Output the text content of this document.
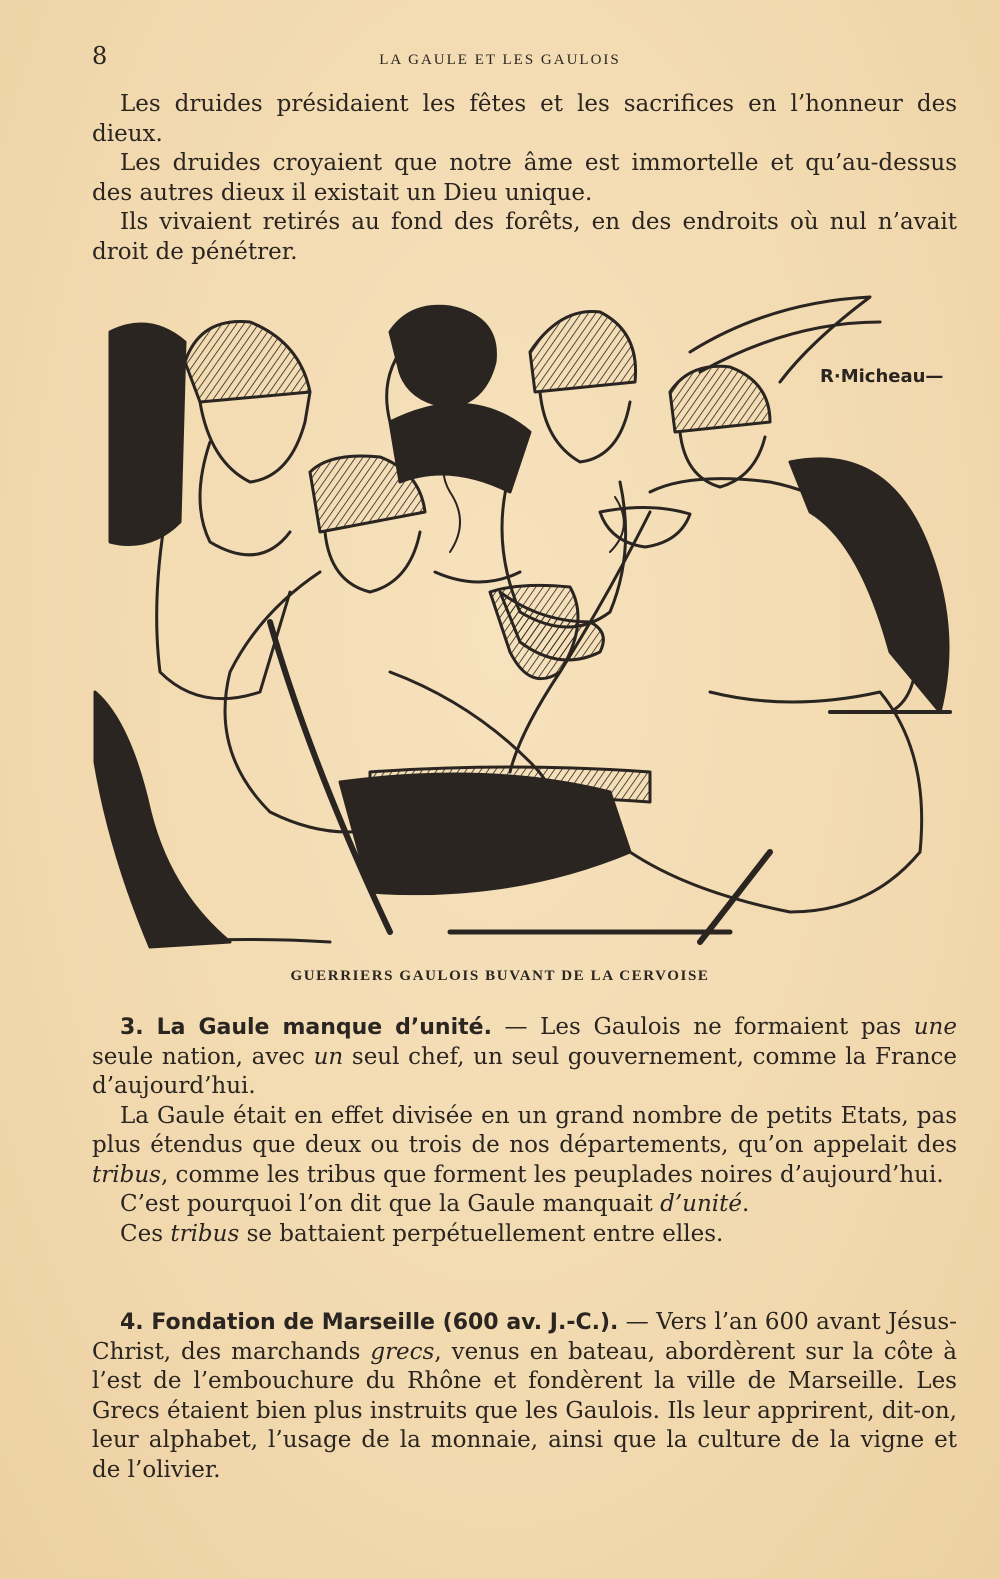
8	LA GAULE ET LES GAULOIS

Les druides présidaient les fêtes et les sacrifices en l’honneur des dieux.

Les druides croyaient que notre âme est immortelle et qu’au-dessus des autres dieux il existait un Dieu unique.

Ils vivaient retirés au fond des forêts, en des endroits où nul n’avait droit de pénétrer.

R·Micheau—
GUERRIERS GAULOIS BUVANT DE LA CERVOISE

3. La Gaule manque d’unité. — Les Gaulois ne formaient pas une seule nation, avec un seul chef, un seul gouvernement, comme la France d’aujourd’hui.

La Gaule était en effet divisée en un grand nombre de petits Etats, pas plus étendus que deux ou trois de nos départements, qu’on appelait des tribus, comme les tribus que forment les peuplades noires d’aujourd’hui.

C’est pourquoi l’on dit que la Gaule manquait d’unité.

Ces tribus se battaient perpétuellement entre elles.

4. Fondation de Marseille (600 av. J.-C.). — Vers l’an 600 avant Jésus-Christ, des marchands grecs, venus en bateau, abordèrent sur la côte à l’est de l’embouchure du Rhône et fondèrent la ville de Marseille. Les Grecs étaient bien plus instruits que les Gaulois. Ils leur apprirent, dit-on, leur alphabet, l’usage de la monnaie, ainsi que la culture de la vigne et de l’olivier.
